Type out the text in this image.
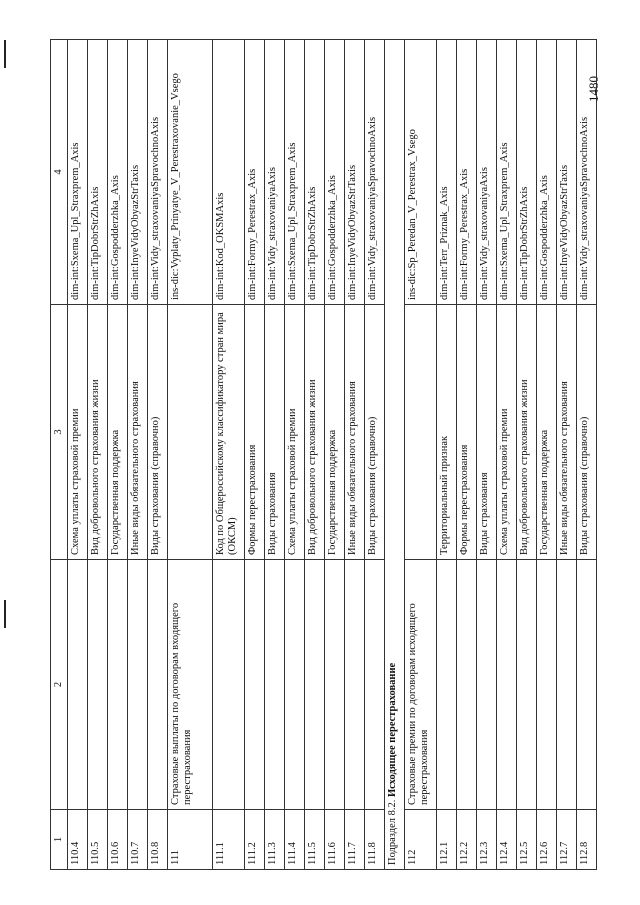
1480
1	2	3	4
110.4		Схема уплаты страховой премии	dim-int:Sxema_Upl_Straxprem_Axis
110.5		Вид добровольного страхования жизни	dim-int:TipDobrStrZhAxis
110.6		Государственная поддержка	dim-int:Gospodderzhka_Axis
110.7		Иные виды обязательного страхования	dim-int:InyeVidyObyazStrTaxis
110.8		Виды страхования (справочно)	dim-int:Vidy_straxovaniyaSpravochnoAxis
111	Страховые выплаты по договорам входящего перестрахования		ins-dic:Vyplaty_Prinyatye_V_Perestraxovanie_Vsego
111.1		Код по Общероссийскому классификатору стран мира (ОКСМ)	dim-int:Kod_OKSMAxis
111.2		Формы перестрахования	dim-int:Formy_Perestrax_Axis
111.3		Виды страхования	dim-int:Vidy_straxovaniyaAxis
111.4		Схема уплаты страховой премии	dim-int:Sxema_Upl_Straxprem_Axis
111.5		Вид добровольного страхования жизни	dim-int:TipDobrStrZhAxis
111.6		Государственная поддержка	dim-int:Gospodderzhka_Axis
111.7		Иные виды обязательного страхования	dim-int:InyeVidyObyazStrTaxis
111.8		Виды страхования (справочно)	dim-int:Vidy_straxovaniyaSpravochnoAxis
Подраздел 8.2. Исходящее перестрахование			
112	Страховые премии по договорам исходящего перестрахования		ins-dic:Sp_Peredan_V_Perestrax_Vsego
112.1		Территориальный признак	dim-int:Terr_Priznak_Axis
112.2		Формы перестрахования	dim-int:Formy_Perestrax_Axis
112.3		Виды страхования	dim-int:Vidy_straxovaniyaAxis
112.4		Схема уплаты страховой премии	dim-int:Sxema_Upl_Straxprem_Axis
112.5		Вид добровольного страхования жизни	dim-int:TipDobrStrZhAxis
112.6		Государственная поддержка	dim-int:Gospodderzhka_Axis
112.7		Иные виды обязательного страхования	dim-int:InyeVidyObyazStrTaxis
112.8		Виды страхования (справочно)	dim-int:Vidy_straxovaniyaSpravochnoAxis
